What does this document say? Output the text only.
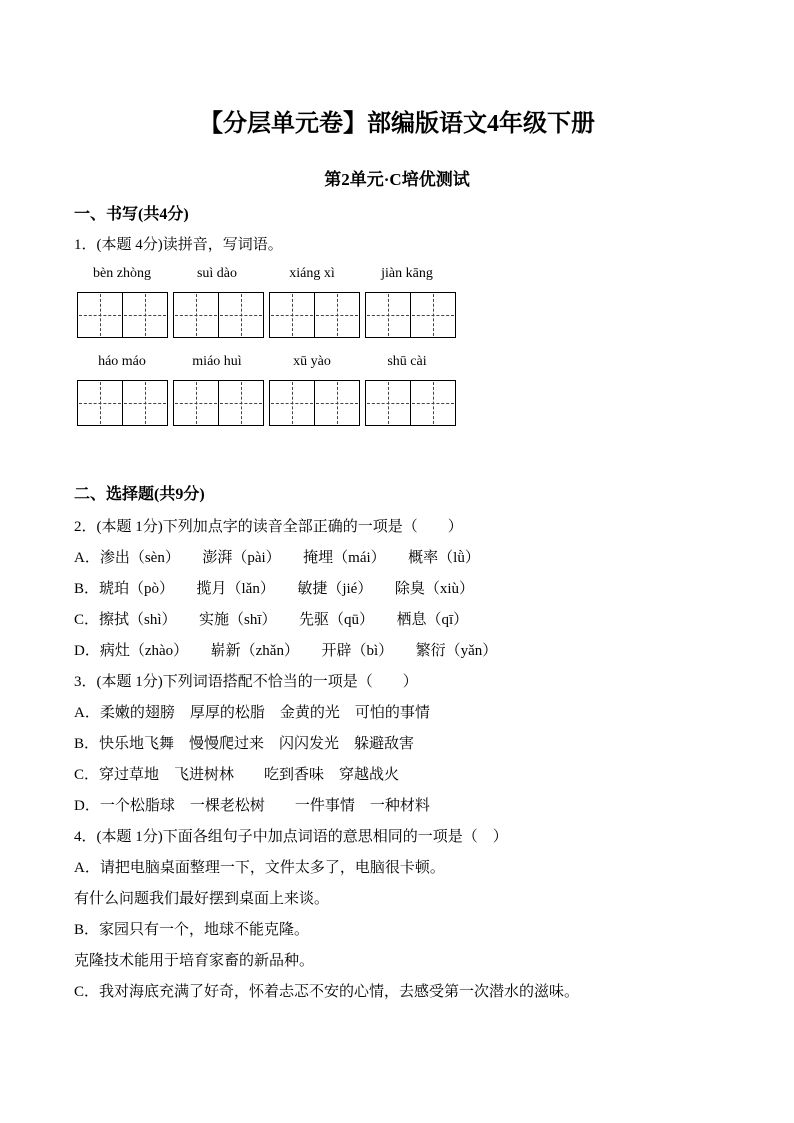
【分层单元卷】部编版语文4年级下册
第2单元·C培优测试

一、书写(共4分)

1．(本题 4分)读拼音，写词语。

bèn zhòng	suì dào	xiáng xì	jiàn kāng
háo máo	miáo huì	xū yào	shū cài

二、选择题(共9分)

2．(本题 1分)下列加点字的读音全部正确的一项是（　　）

A．渗出（sèn）　　澎湃（pài）　　掩埋（mái）　　概率（lǜ）

B．琥珀（pò）　　揽月（lǎn）　　敏捷（jié）　　除臭（xiù）

C．擦拭（shì）　　实施（shī）　　先驱（qū）　　栖息（qī）

D．病灶（zhào）　　崭新（zhǎn）　　开辟（bì）　　繁衍（yǎn）

3．(本题 1分)下列词语搭配不恰当的一项是（　　）

A．柔嫩的翅膀　厚厚的松脂　金黄的光　可怕的事情

B．快乐地飞舞　慢慢爬过来　闪闪发光　躲避敌害

C．穿过草地　飞进树林　　吃到香味　穿越战火

D．一个松脂球　一棵老松树　　一件事情　一种材料

4．(本题 1分)下面各组句子中加点词语的意思相同的一项是（　）

A．请把电脑桌面整理一下，文件太多了，电脑很卡顿。

有什么问题我们最好摆到桌面上来谈。

B．家园只有一个，地球不能克隆。

克隆技术能用于培育家畜的新品种。

C．我对海底充满了好奇，怀着忐忑不安的心情，去感受第一次潜水的滋味。
